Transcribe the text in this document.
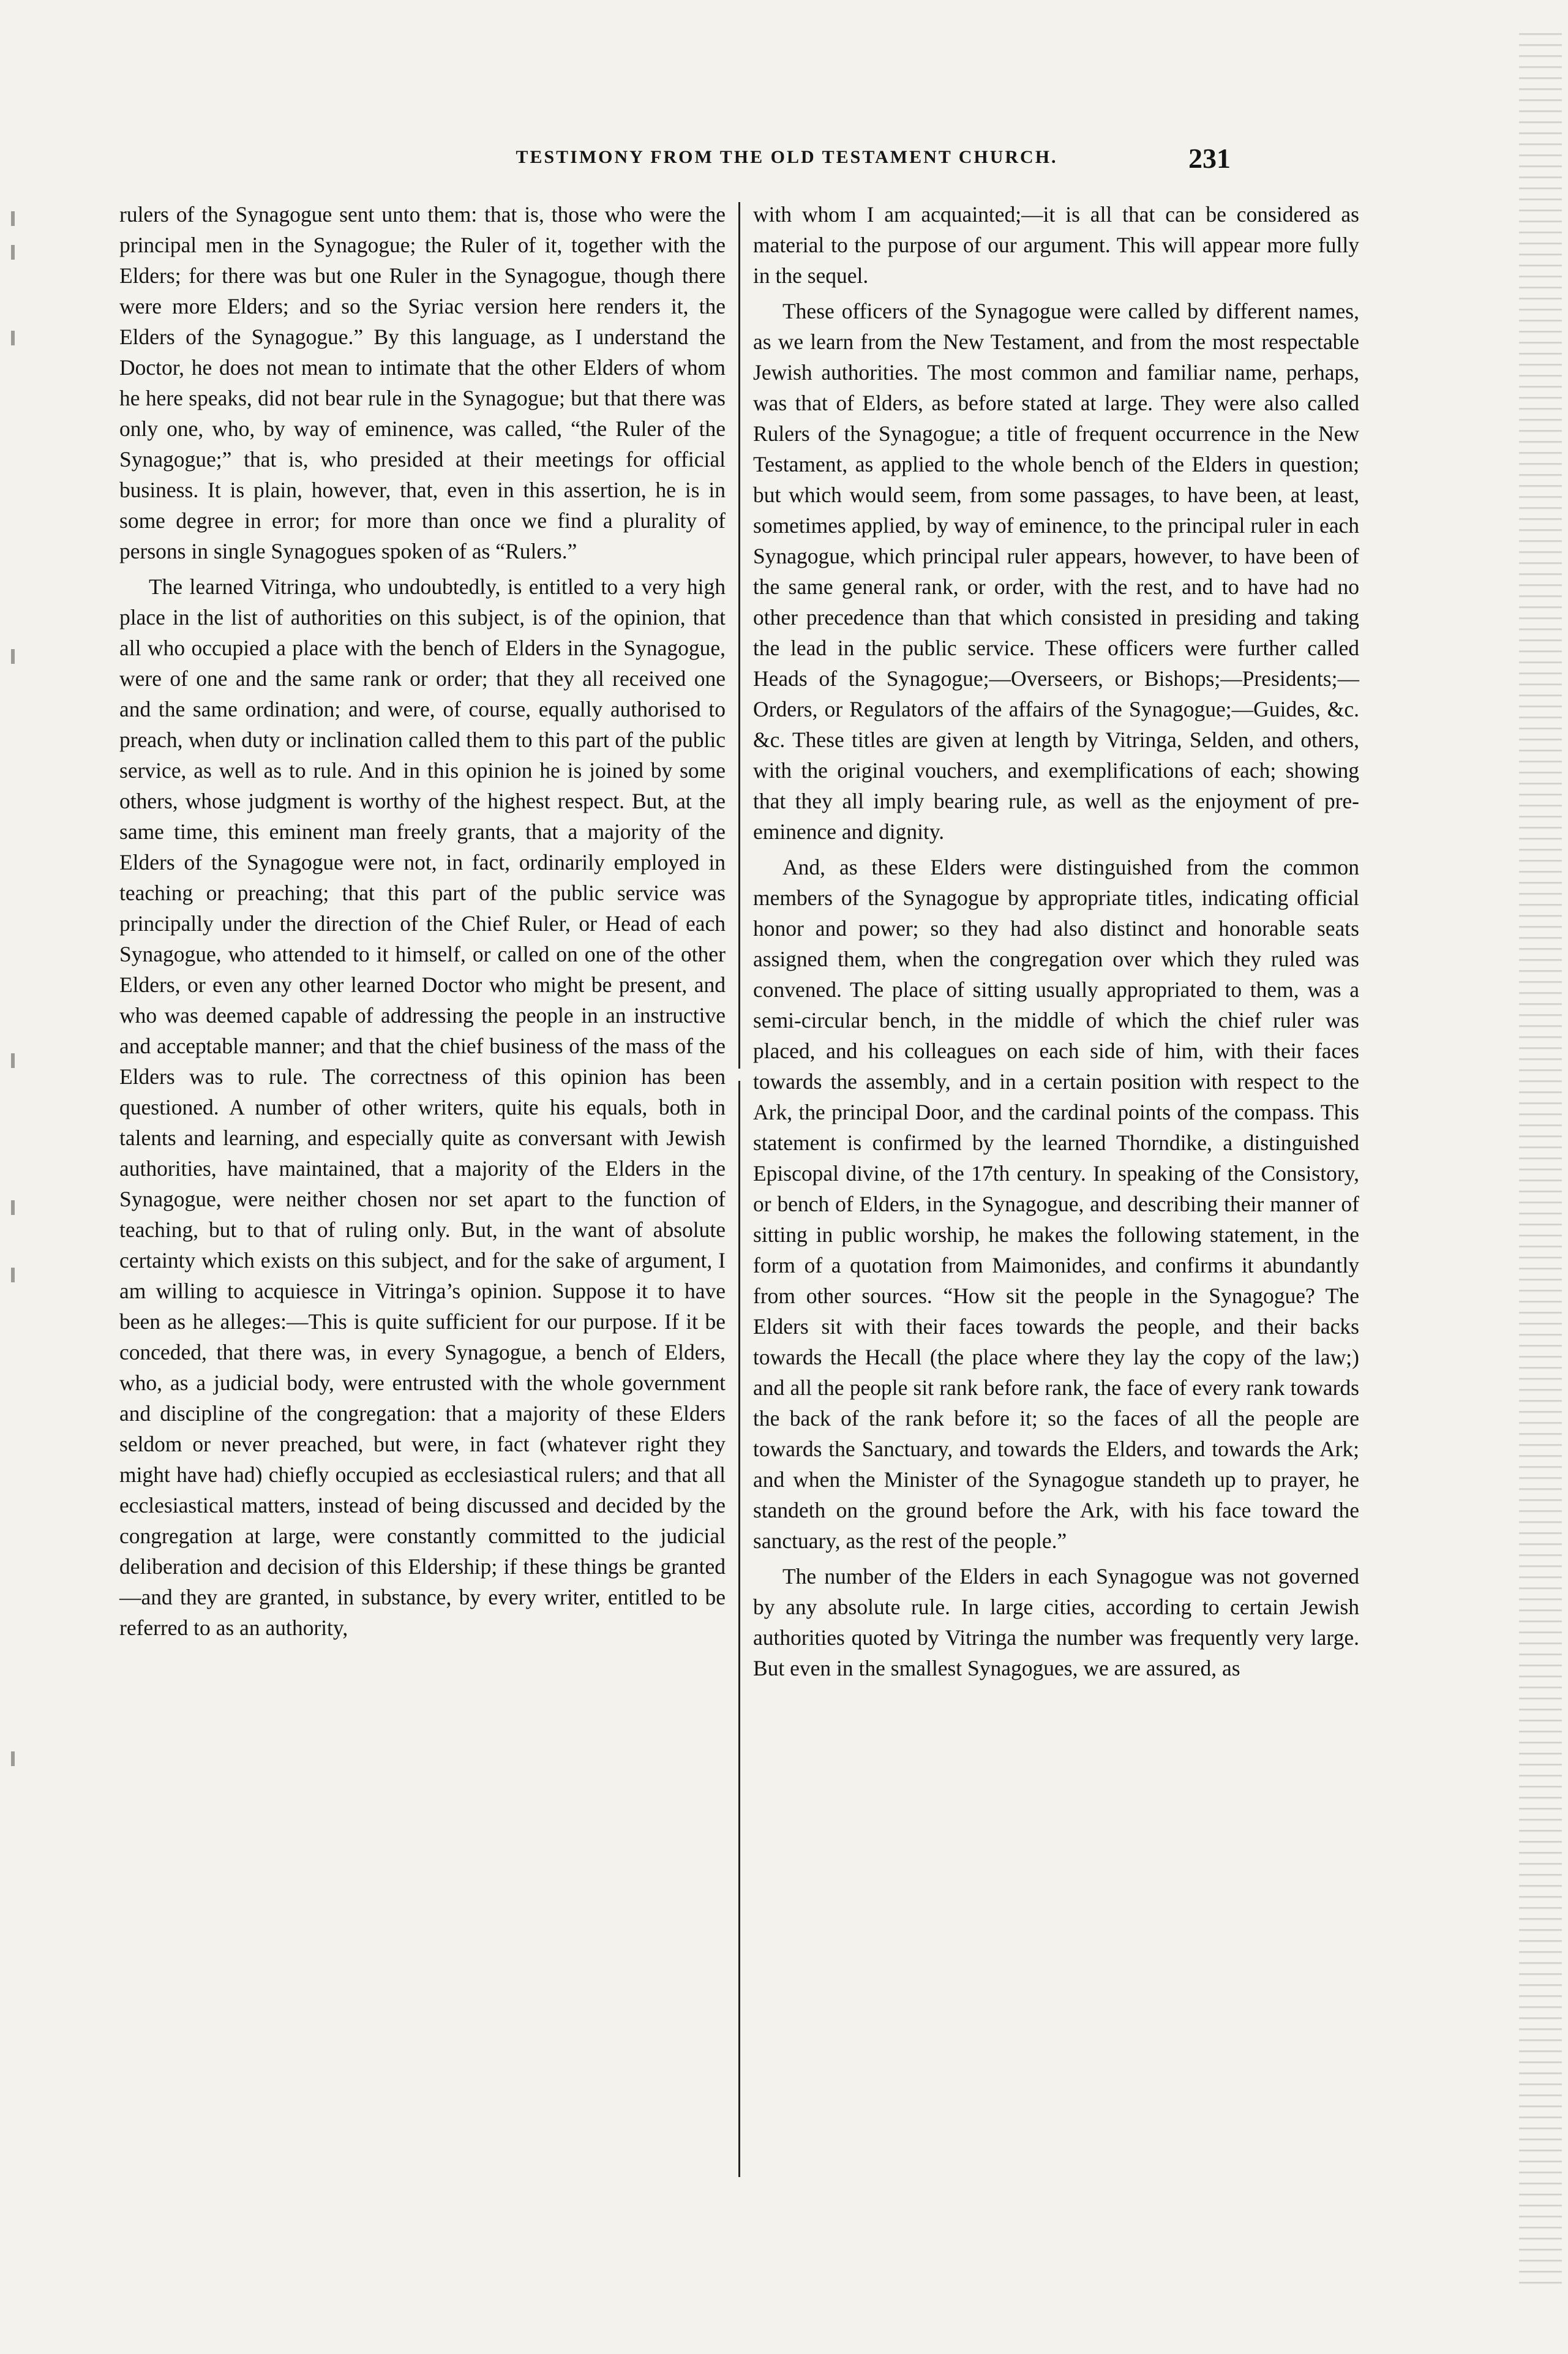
TESTIMONY FROM THE OLD TESTAMENT CHURCH.	231

rulers of the Synagogue sent unto them: that is, those who were the principal men in the Synagogue; the Ruler of it, together with the Elders; for there was but one Ruler in the Synagogue, though there were more Elders; and so the Syriac version here renders it, the Elders of the Synagogue.” By this language, as I understand the Doctor, he does not mean to intimate that the other Elders of whom he here speaks, did not bear rule in the Synagogue; but that there was only one, who, by way of eminence, was called, “the Ruler of the Synagogue;” that is, who presided at their meetings for official business. It is plain, however, that, even in this assertion, he is in some degree in error; for more than once we find a plurality of persons in single Synagogues spoken of as “Rulers.”

The learned Vitringa, who undoubtedly, is entitled to a very high place in the list of authorities on this subject, is of the opinion, that all who occupied a place with the bench of Elders in the Synagogue, were of one and the same rank or order; that they all received one and the same ordination; and were, of course, equally authorised to preach, when duty or inclination called them to this part of the public service, as well as to rule. And in this opinion he is joined by some others, whose judgment is worthy of the highest respect. But, at the same time, this eminent man freely grants, that a majority of the Elders of the Synagogue were not, in fact, ordinarily employed in teaching or preaching; that this part of the public service was principally under the direction of the Chief Ruler, or Head of each Synagogue, who attended to it himself, or called on one of the other Elders, or even any other learned Doctor who might be present, and who was deemed capable of addressing the people in an instructive and acceptable manner; and that the chief business of the mass of the Elders was to rule. The correctness of this opinion has been questioned. A number of other writers, quite his equals, both in talents and learning, and especially quite as conversant with Jewish authorities, have maintained, that a majority of the Elders in the Synagogue, were neither chosen nor set apart to the function of teaching, but to that of ruling only. But, in the want of absolute certainty which exists on this subject, and for the sake of argument, I am willing to acquiesce in Vitringa’s opinion. Suppose it to have been as he alleges:—This is quite sufficient for our purpose. If it be conceded, that there was, in every Synagogue, a bench of Elders, who, as a judicial body, were entrusted with the whole government and discipline of the congregation: that a majority of these Elders seldom or never preached, but were, in fact (whatever right they might have had) chiefly occupied as ecclesiastical rulers; and that all ecclesiastical matters, instead of being discussed and decided by the congregation at large, were constantly committed to the judicial deliberation and decision of this Eldership; if these things be granted—and they are granted, in substance, by every writer, entitled to be referred to as an authority,

with whom I am acquainted;—it is all that can be considered as material to the purpose of our argument. This will appear more fully in the sequel.

These officers of the Synagogue were called by different names, as we learn from the New Testament, and from the most respectable Jewish authorities. The most common and familiar name, perhaps, was that of Elders, as before stated at large. They were also called Rulers of the Synagogue; a title of frequent occurrence in the New Testament, as applied to the whole bench of the Elders in question; but which would seem, from some passages, to have been, at least, sometimes applied, by way of eminence, to the principal ruler in each Synagogue, which principal ruler appears, however, to have been of the same general rank, or order, with the rest, and to have had no other precedence than that which consisted in presiding and taking the lead in the public service. These officers were further called Heads of the Synagogue;—Overseers, or Bishops;—Presidents;—Orders, or Regulators of the affairs of the Synagogue;—Guides, &c. &c. These titles are given at length by Vitringa, Selden, and others, with the original vouchers, and exemplifications of each; showing that they all imply bearing rule, as well as the enjoyment of pre-eminence and dignity.

And, as these Elders were distinguished from the common members of the Synagogue by appropriate titles, indicating official honor and power; so they had also distinct and honorable seats assigned them, when the congregation over which they ruled was convened. The place of sitting usually appropriated to them, was a semi-circular bench, in the middle of which the chief ruler was placed, and his colleagues on each side of him, with their faces towards the assembly, and in a certain position with respect to the Ark, the principal Door, and the cardinal points of the compass. This statement is confirmed by the learned Thorndike, a distinguished Episcopal divine, of the 17th century. In speaking of the Consistory, or bench of Elders, in the Synagogue, and describing their manner of sitting in public worship, he makes the following statement, in the form of a quotation from Maimonides, and confirms it abundantly from other sources. “How sit the people in the Synagogue? The Elders sit with their faces towards the people, and their backs towards the Hecall (the place where they lay the copy of the law;) and all the people sit rank before rank, the face of every rank towards the back of the rank before it; so the faces of all the people are towards the Sanctuary, and towards the Elders, and towards the Ark; and when the Minister of the Synagogue standeth up to prayer, he standeth on the ground before the Ark, with his face toward the sanctuary, as the rest of the people.”

The number of the Elders in each Synagogue was not governed by any absolute rule. In large cities, according to certain Jewish authorities quoted by Vitringa the number was frequently very large. But even in the smallest Synagogues, we are assured, as
